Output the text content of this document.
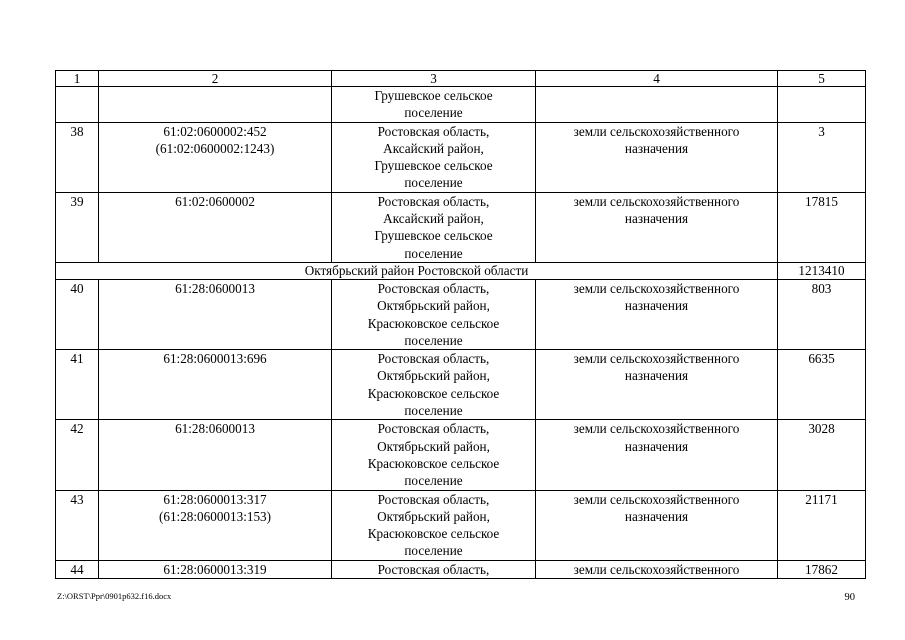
1	2	3	4	5
		Грушевское сельское
поселение		
38	61:02:0600002:452
(61:02:0600002:1243)	Ростовская область,
Аксайский район,
Грушевское сельское
поселение	земли сельскохозяйственного
назначения	3
39	61:02:0600002	Ростовская область,
Аксайский район,
Грушевское сельское
поселение	земли сельскохозяйственного
назначения	17815
Октябрьский район Ростовской области				1213410
40	61:28:0600013	Ростовская область,
Октябрьский район,
Красюковское сельское
поселение	земли сельскохозяйственного
назначения	803
41	61:28:0600013:696	Ростовская область,
Октябрьский район,
Красюковское сельское
поселение	земли сельскохозяйственного
назначения	6635
42	61:28:0600013	Ростовская область,
Октябрьский район,
Красюковское сельское
поселение	земли сельскохозяйственного
назначения	3028
43	61:28:0600013:317
(61:28:0600013:153)	Ростовская область,
Октябрьский район,
Красюковское сельское
поселение	земли сельскохозяйственного
назначения	21171
44	61:28:0600013:319	Ростовская область,	земли сельскохозяйственного	17862
Z:\ORST\Ppr\0901p632.f16.docx	90
